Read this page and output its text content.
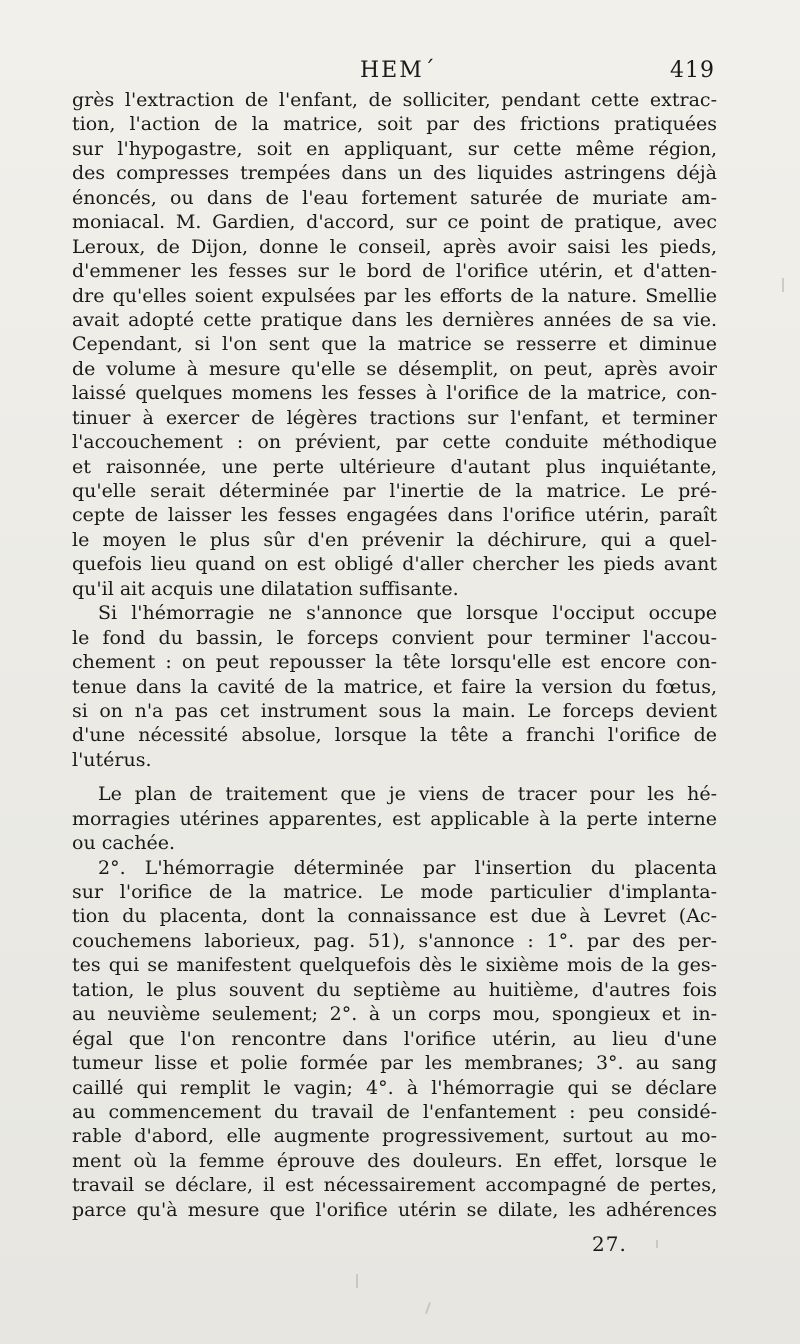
HEM´	419
grès l'extraction de l'enfant, de solliciter, pendant cette extrac-
tion, l'action de la matrice, soit par des frictions pratiquées
sur l'hypogastre, soit en appliquant, sur cette même région,
des compresses trempées dans un des liquides astringens déjà
énoncés, ou dans de l'eau fortement saturée de muriate am-
moniacal. M. Gardien, d'accord, sur ce point de pratique, avec
Leroux, de Dijon, donne le conseil, après avoir saisi les pieds,
d'emmener les fesses sur le bord de l'orifice utérin, et d'atten-
dre qu'elles soient expulsées par les efforts de la nature. Smellie
avait adopté cette pratique dans les dernières années de sa vie.
Cependant, si l'on sent que la matrice se resserre et diminue
de volume à mesure qu'elle se désemplit, on peut, après avoir
laissé quelques momens les fesses à l'orifice de la matrice, con-
tinuer à exercer de légères tractions sur l'enfant, et terminer
l'accouchement : on prévient, par cette conduite méthodique
et raisonnée, une perte ultérieure d'autant plus inquiétante,
qu'elle serait déterminée par l'inertie de la matrice. Le pré-
cepte de laisser les fesses engagées dans l'orifice utérin, paraît
le moyen le plus sûr d'en prévenir la déchirure, qui a quel-
quefois lieu quand on est obligé d'aller chercher les pieds avant
qu'il ait acquis une dilatation suffisante.
Si l'hémorragie ne s'annonce que lorsque l'occiput occupe
le fond du bassin, le forceps convient pour terminer l'accou-
chement : on peut repousser la tête lorsqu'elle est encore con-
tenue dans la cavité de la matrice, et faire la version du fœtus,
si on n'a pas cet instrument sous la main. Le forceps devient
d'une nécessité absolue, lorsque la tête a franchi l'orifice de
l'utérus.
Le plan de traitement que je viens de tracer pour les hé-
morragies utérines apparentes, est applicable à la perte interne
ou cachée.
2°. L'hémorragie déterminée par l'insertion du placenta
sur l'orifice de la matrice. Le mode particulier d'implanta-
tion du placenta, dont la connaissance est due à Levret (Ac-
couchemens laborieux, pag. 51), s'annonce : 1°. par des per-
tes qui se manifestent quelquefois dès le sixième mois de la ges-
tation, le plus souvent du septième au huitième, d'autres fois
au neuvième seulement; 2°. à un corps mou, spongieux et in-
égal que l'on rencontre dans l'orifice utérin, au lieu d'une
tumeur lisse et polie formée par les membranes; 3°. au sang
caillé qui remplit le vagin; 4°. à l'hémorragie qui se déclare
au commencement du travail de l'enfantement : peu considé-
rable d'abord, elle augmente progressivement, surtout au mo-
ment où la femme éprouve des douleurs. En effet, lorsque le
travail se déclare, il est nécessairement accompagné de pertes,
parce qu'à mesure que l'orifice utérin se dilate, les adhérences
27.
